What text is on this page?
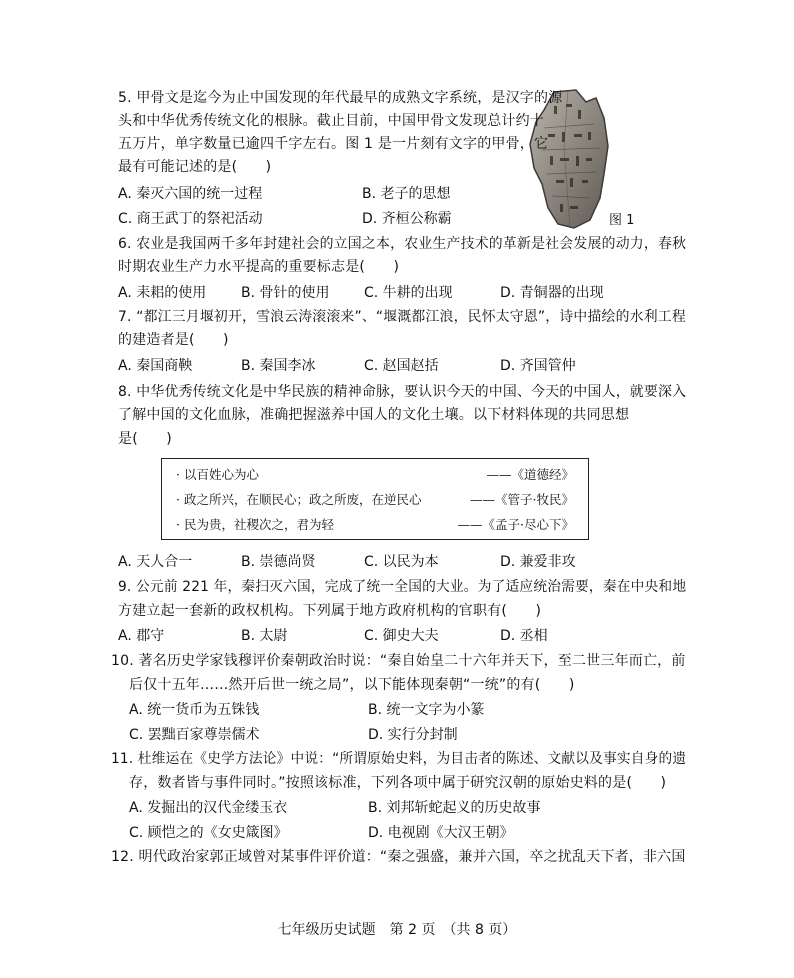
图 1
5. 甲骨文是迄今为止中国发现的年代最早的成熟文字系统，是汉字的源
头和中华优秀传统文化的根脉。截止目前，中国甲骨文发现总计约十
五万片，单字数量已逾四千字左右。图 1 是一片刻有文字的甲骨，它
最有可能记述的是(　　)
A. 秦灭六国的统一过程	B. 老子的思想
C. 商王武丁的祭祀活动	D. 齐桓公称霸
6. 农业是我国两千多年封建社会的立国之本，农业生产技术的革新是社会发展的动力，春秋
时期农业生产力水平提高的重要标志是(　　)
A. 耒耜的使用 B. 骨针的使用 C. 牛耕的出现	D. 青铜器的出现
7. “都江三月堰初开，雪浪云涛滚滚来”、“堰溉都江浪，民怀太守恩”，诗中描绘的水利工程
的建造者是(　　)
A. 秦国商鞅	B. 秦国李冰	C. 赵国赵括	D. 齐国管仲
8. 中华优秀传统文化是中华民族的精神命脉，要认识今天的中国、今天的中国人，就要深入
了解中国的文化血脉，准确把握滋养中国人的文化土壤。以下材料体现的共同思想
是(　　)
· 以百姓心为心	——《道德经》
· 政之所兴，在顺民心；政之所废，在逆民心	——《管子·牧民》
· 民为贵，社稷次之，君为轻	——《孟子·尽心下》
A. 天人合一	B. 崇德尚贤	C. 以民为本	D. 兼爱非攻
9. 公元前 221 年，秦扫灭六国，完成了统一全国的大业。为了适应统治需要，秦在中央和地
方建立起一套新的政权机构。下列属于地方政府机构的官职有(　　)
A. 郡守	B. 太尉	C. 御史大夫	D. 丞相
10. 著名历史学家钱穆评价秦朝政治时说：“秦自始皇二十六年并天下，至二世三年而亡，前
后仅十五年……然开后世一统之局”，以下能体现秦朝“一统”的有(　　)
A. 统一货币为五铢钱	B. 统一文字为小篆
C. 罢黜百家尊崇儒术	D. 实行分封制
11. 杜维运在《史学方法论》中说：“所谓原始史料，为目击者的陈述、文献以及事实自身的遗
存，数者皆与事件同时。”按照该标准，下列各项中属于研究汉朝的原始史料的是(　　)
A. 发掘出的汉代金缕玉衣	B. 刘邦斩蛇起义的历史故事
C. 顾恺之的《女史箴图》	D. 电视剧《大汉王朝》
12. 明代政治家郭正域曾对某事件评价道：“秦之强盛，兼并六国，卒之扰乱天下者，非六国
七年级历史试题　第 2 页　（共 8 页）
